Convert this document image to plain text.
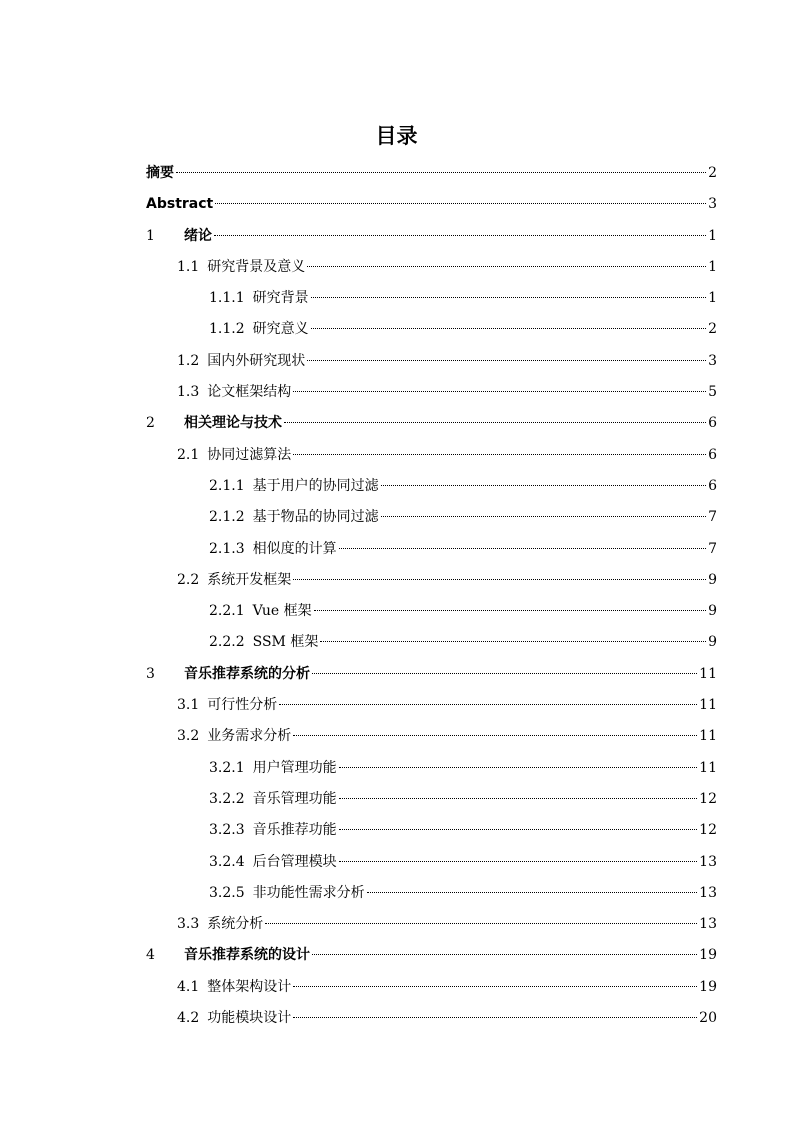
目录
摘要	2
Abstract	3
1	绪论	1
1.1 研究背景及意义	1
1.1.1 研究背景	1
1.1.2 研究意义	2
1.2 国内外研究现状	3
1.3 论文框架结构	5
2	相关理论与技术	6
2.1 协同过滤算法	6
2.1.1 基于用户的协同过滤	6
2.1.2 基于物品的协同过滤	7
2.1.3 相似度的计算	7
2.2 系统开发框架	9
2.2.1 Vue 框架	9
2.2.2 SSM 框架	9
3	音乐推荐系统的分析	11
3.1 可行性分析	11
3.2 业务需求分析	11
3.2.1 用户管理功能	11
3.2.2 音乐管理功能	12
3.2.3 音乐推荐功能	12
3.2.4 后台管理模块	13
3.2.5 非功能性需求分析	13
3.3 系统分析	13
4	音乐推荐系统的设计	19
4.1 整体架构设计	19
4.2 功能模块设计	20
